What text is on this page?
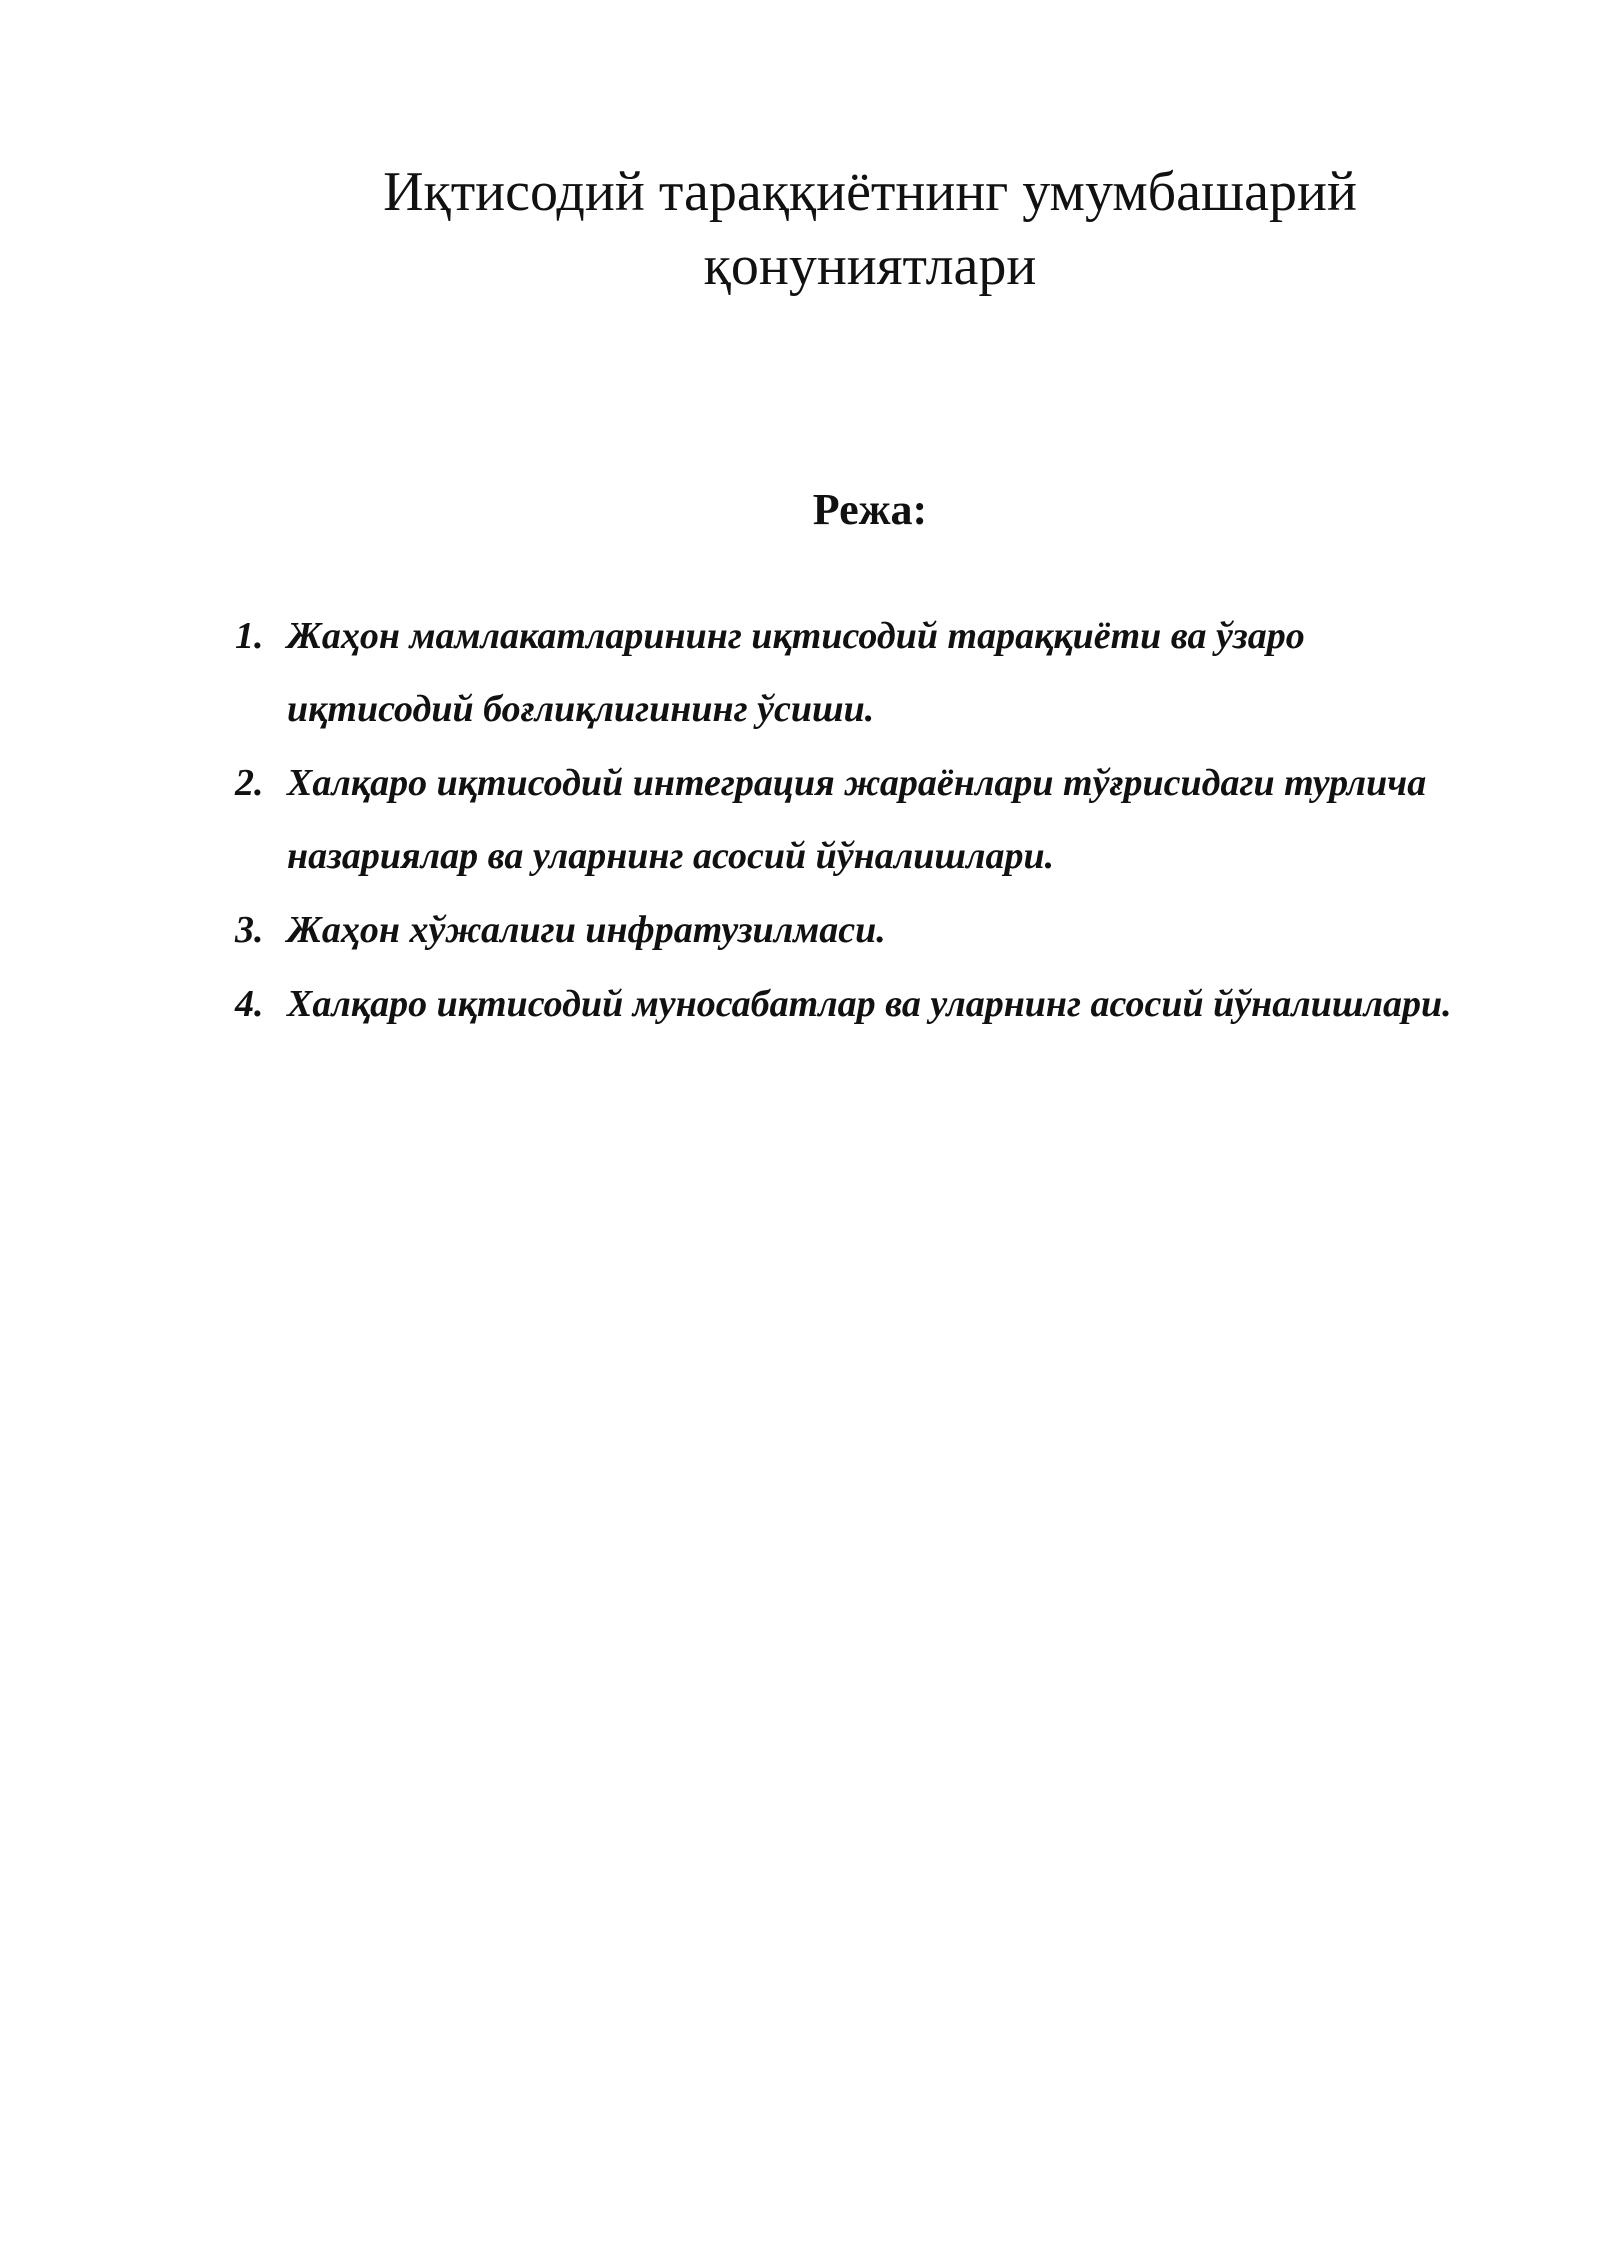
Иқтисодий тараққиётнинг умумбашарий
қонуниятлари
Режа:
1. Жаҳон мамлакатларининг иқтисодий тараққиёти ва ўзаро иқтисодий боғлиқлигининг ўсиши.
2. Халқаро иқтисодий интеграция жараёнлари тўғрисидаги турлича назариялар ва уларнинг асосий йўналишлари.
3. Жаҳон хўжалиги инфратузилмаси.
4. Халқаро иқтисодий муносабатлар ва уларнинг асосий йўналишлари.
